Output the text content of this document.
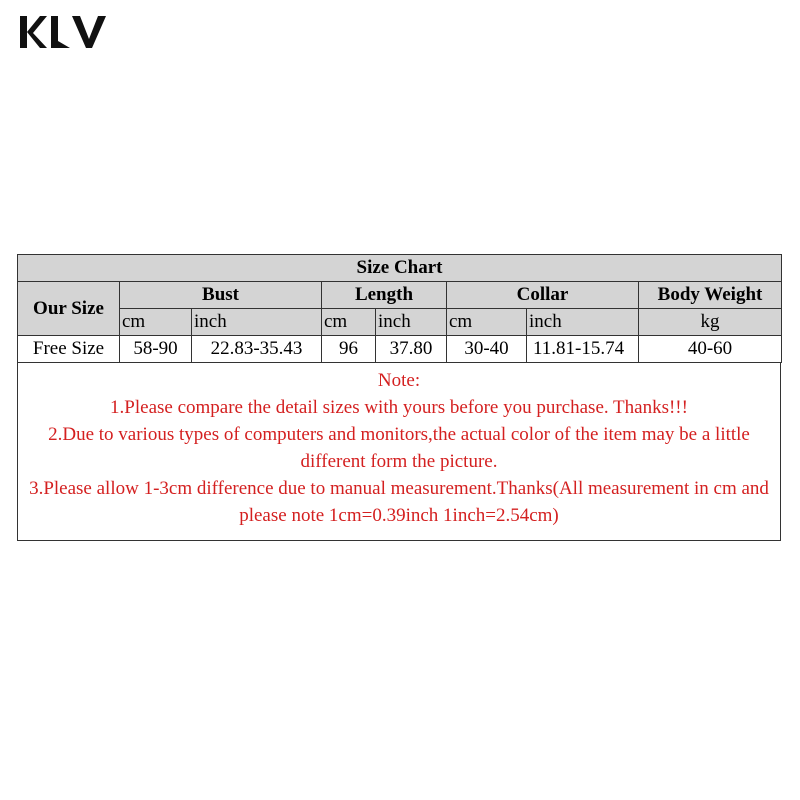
Size Chart							
Our Size	Bust		Length		Collar		Body Weight
	cm	inch	cm	inch	cm	inch	kg
Free Size	58-90	22.83-35.43	96	37.80	30-40	11.81-15.74	40-60

Note:

1.Please compare the detail sizes with yours before you purchase. Thanks!!!

2.Due to various types of computers and monitors,the actual color of the item may be a little different form the picture.

3.Please allow 1-3cm difference due to manual measurement.Thanks(All measurement in cm and please note 1cm=0.39inch 1inch=2.54cm)
